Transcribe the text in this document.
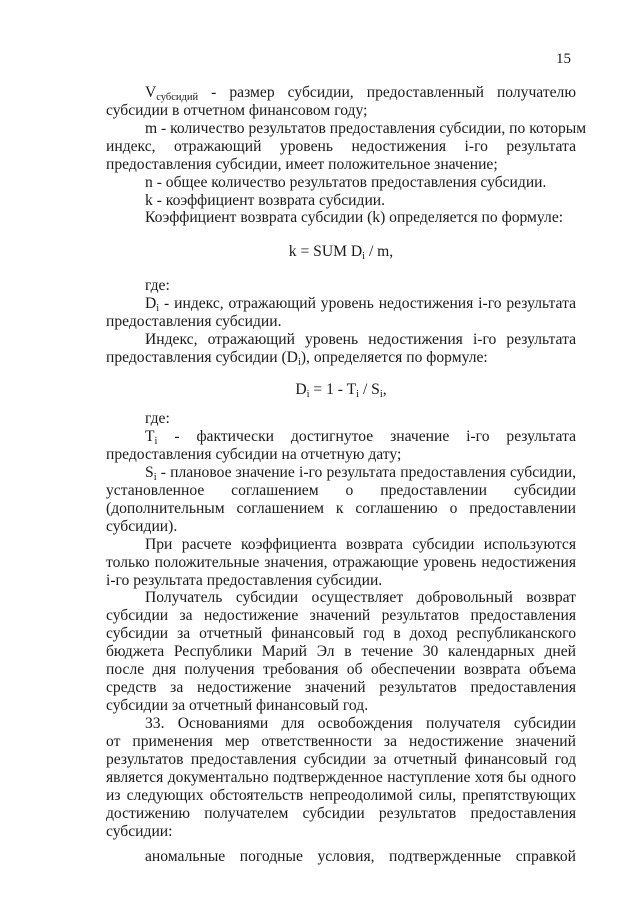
15
$V_{субсидий}$ - размер субсидии, предоставленный получателю
субсидии в отчетном финансовом году;
m - количество результатов предоставления субсидии, по которым
индекс, отражающий уровень недостижения i-го результата
предоставления субсидии, имеет положительное значение;
n - общее количество результатов предоставления субсидии.
k - коэффициент возврата субсидии.
Коэффициент возврата субсидии (k) определяется по формуле:
k = SUM $D_i$ / m,
где:
$D_i$ - индекс, отражающий уровень недостижения i-го результата
предоставления субсидии.
Индекс, отражающий уровень недостижения i-го результата
предоставления субсидии $(D_i)$, определяется по формуле:
$D_i = 1 - T_i / S_i$,
где:
$T_i$ - фактически достигнутое значение i-го результата
предоставления субсидии на отчетную дату;
$S_i$ - плановое значение i-го результата предоставления субсидии,
установленное соглашением о предоставлении субсидии
(дополнительным соглашением к соглашению о предоставлении
субсидии).
При расчете коэффициента возврата субсидии используются
только положительные значения, отражающие уровень недостижения
i-го результата предоставления субсидии.
Получатель субсидии осуществляет добровольный возврат
субсидии за недостижение значений результатов предоставления
субсидии за отчетный финансовый год в доход республиканского
бюджета Республики Марий Эл в течение 30 календарных дней
после дня получения требования об обеспечении возврата объема
средств за недостижение значений результатов предоставления
субсидии за отчетный финансовый год.
33. Основаниями для освобождения получателя субсидии
от применения мер ответственности за недостижение значений
результатов предоставления субсидии за отчетный финансовый год
является документально подтвержденное наступление хотя бы одного
из следующих обстоятельств непреодолимой силы, препятствующих
достижению получателем субсидии результатов предоставления
субсидии:
аномальные погодные условия, подтвержденные справкой
